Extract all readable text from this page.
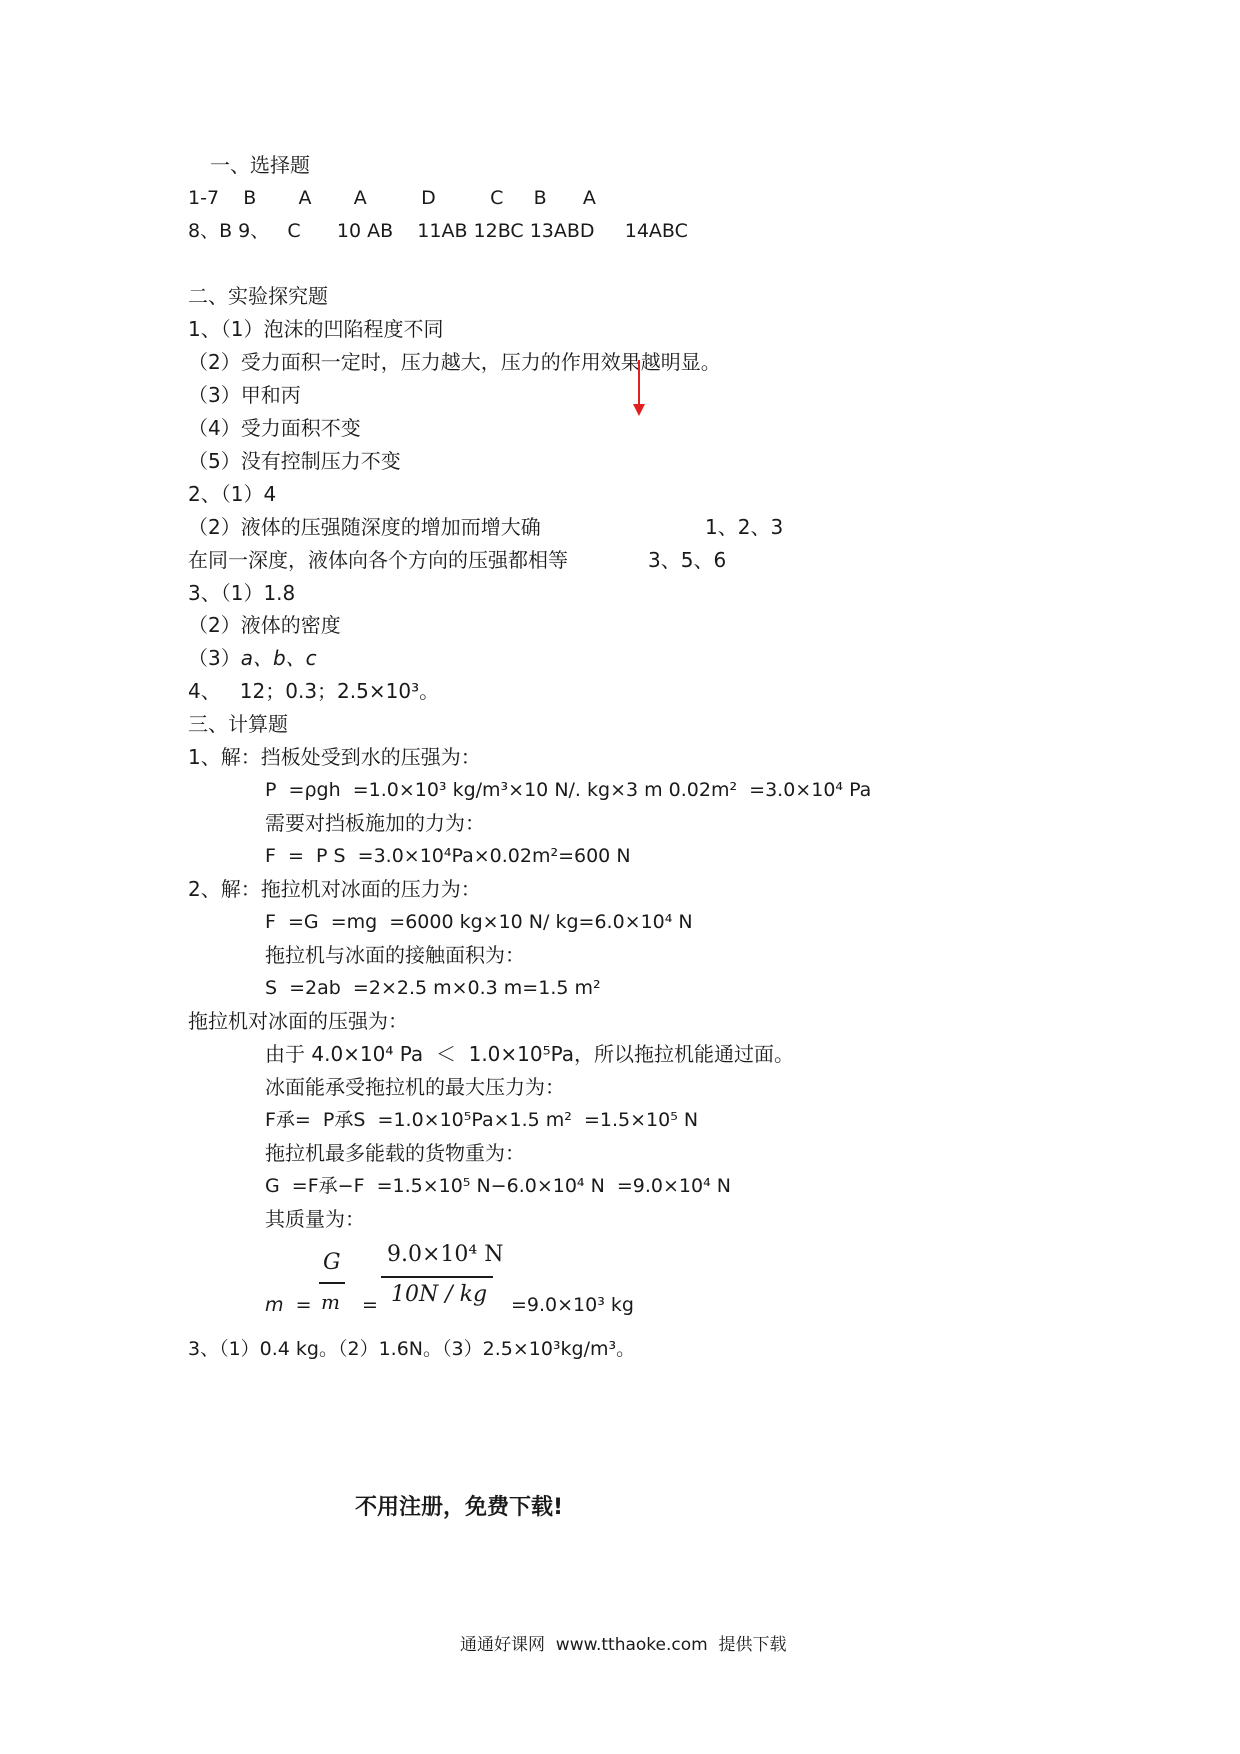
一、选择题
1-7    B       A       A         D         C     B      A
8、B 9、   C      10 AB    11AB 12BC 13ABD     14ABC
二、实验探究题
1、（1）泡沫的凹陷程度不同
（2）受力面积一定时，压力越大，压力的作用效果越明显。
（3）甲和丙
（4）受力面积不变
（5）没有控制压力不变
2、（1）4
（2）液体的压强随深度的增加而增大确	1、2、3
在同一深度，液体向各个方向的压强都相等	3、5、6
3、（1）1.8
（2）液体的密度
（3）a、b、c
4、   12；0.3；2.5×10³。
三、计算题
1、解：挡板处受到水的压强为：
P  =ρgh  =1.0×10³ kg/m³×10 N/. kg×3 m 0.02m²  =3.0×10⁴ Pa
需要对挡板施加的力为：
F  =  P S  =3.0×10⁴Pa×0.02m²=600 N
2、解：拖拉机对冰面的压力为：
F  =G  =mg  =6000 kg×10 N/ kg=6.0×10⁴ N
拖拉机与冰面的接触面积为：
S  =2ab  =2×2.5 m×0.3 m=1.5 m²
拖拉机对冰面的压强为：
由于 4.0×10⁴ Pa  ＜  1.0×10⁵Pa，所以拖拉机能通过面。
冰面能承受拖拉机的最大压力为：
F承=  P承S  =1.0×10⁵Pa×1.5 m²  =1.5×10⁵ N
拖拉机最多能载的货物重为：
G  =F承−F  =1.5×10⁵ N−6.0×10⁴ N  =9.0×10⁴ N
其质量为：
m  =
G
m =
9.0×10⁴ N
10N / kg =9.0×10³ kg
3、（1）0.4 kg。（2）1.6N。（3）2.5×10³kg/m³。
不用注册，免费下载!
通通好课网  www.tthaoke.com  提供下载
